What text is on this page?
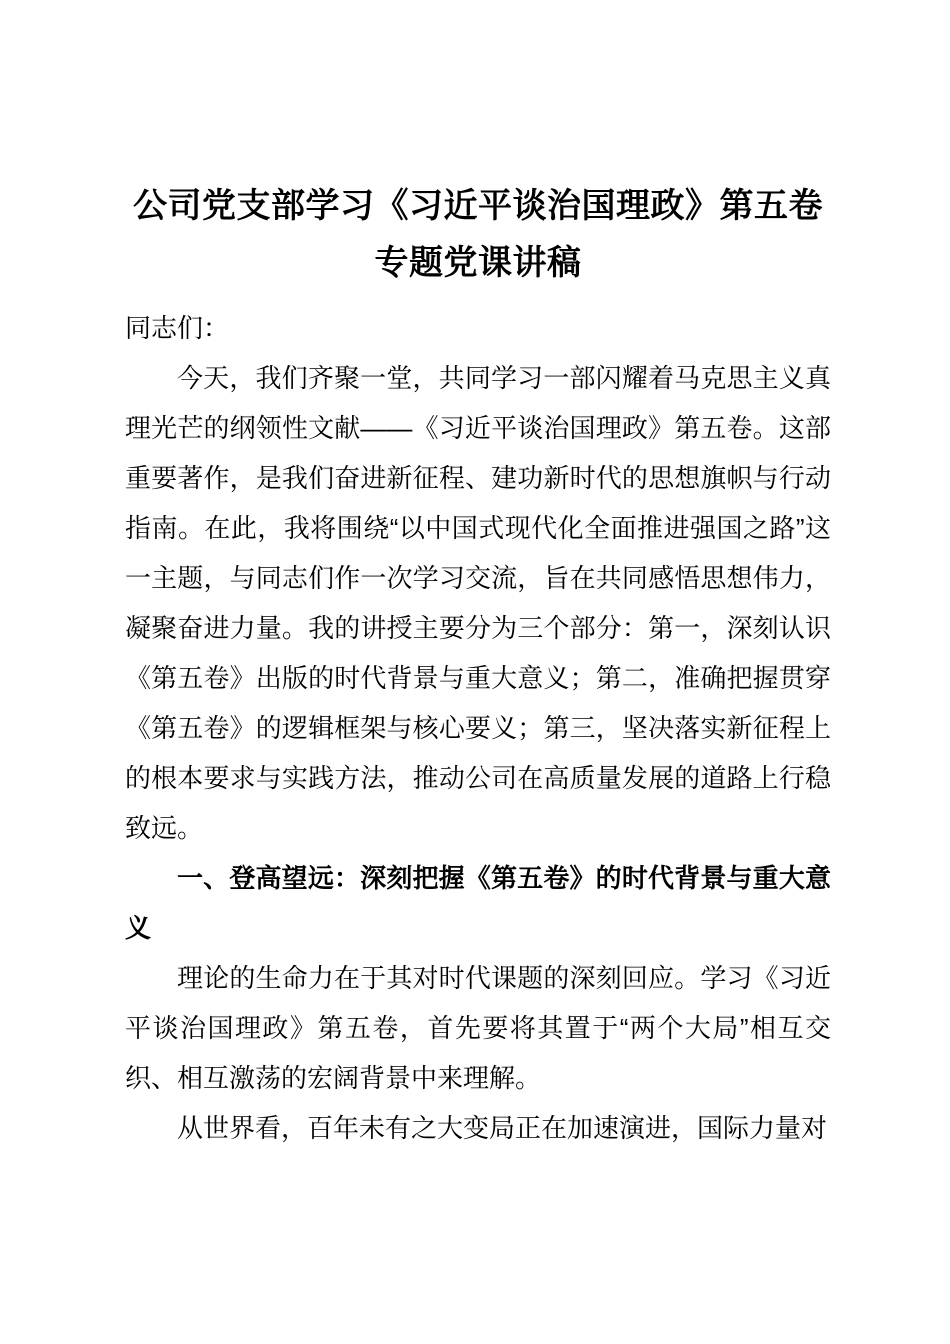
公司党支部学习《习近平谈治国理政》第五卷专题党课讲稿

同志们：

今天，我们齐聚一堂，共同学习一部闪耀着马克思主义真理光芒的纲领性文献——《习近平谈治国理政》第五卷。这部重要著作，是我们奋进新征程、建功新时代的思想旗帜与行动指南。在此，我将围绕“以中国式现代化全面推进强国之路”这一主题，与同志们作一次学习交流，旨在共同感悟思想伟力，凝聚奋进力量。我的讲授主要分为三个部分：第一，深刻认识《第五卷》出版的时代背景与重大意义；第二，准确把握贯穿《第五卷》的逻辑框架与核心要义；第三，坚决落实新征程上的根本要求与实践方法，推动公司在高质量发展的道路上行稳致远。

一、登高望远：深刻把握《第五卷》的时代背景与重大意义

理论的生命力在于其对时代课题的深刻回应。学习《习近平谈治国理政》第五卷，首先要将其置于“两个大局”相互交织、相互激荡的宏阔背景中来理解。

从世界看，百年未有之大变局正在加速演进，国际力量对
